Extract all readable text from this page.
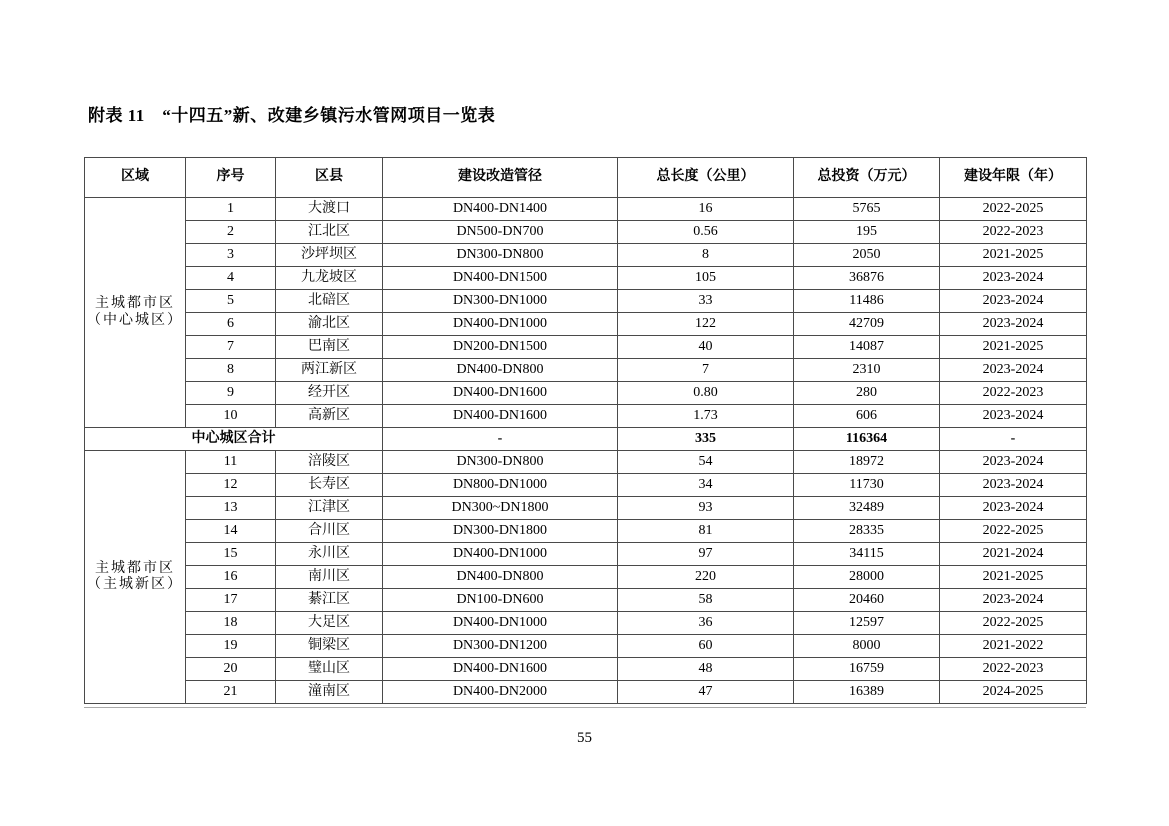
附表 11　“十四五”新、改建乡镇污水管网项目一览表
区域	序号	区县	建设改造管径	总长度（公里）	总投资（万元）	建设年限（年）

主城都市区
（中心城区）	1	大渡口	DN400-DN1400	16	5765	2022-2025
	2	江北区	DN500-DN700	0.56	195	2022-2023
	3	沙坪坝区	DN300-DN800	8	2050	2021-2025
	4	九龙坡区	DN400-DN1500	105	36876	2023-2024
	5	北碚区	DN300-DN1000	33	11486	2023-2024
	6	渝北区	DN400-DN1000	122	42709	2023-2024
	7	巴南区	DN200-DN1500	40	14087	2021-2025
	8	两江新区	DN400-DN800	7	2310	2023-2024
	9	经开区	DN400-DN1600	0.80	280	2022-2023
	10	高新区	DN400-DN1600	1.73	606	2023-2024
中心城区合计			-	335	116364	-

主城都市区
（主城新区）	11	涪陵区	DN300-DN800	54	18972	2023-2024
	12	长寿区	DN800-DN1000	34	11730	2023-2024
	13	江津区	DN300~DN1800	93	32489	2023-2024
	14	合川区	DN300-DN1800	81	28335	2022-2025
	15	永川区	DN400-DN1000	97	34115	2021-2024
	16	南川区	DN400-DN800	220	28000	2021-2025
	17	綦江区	DN100-DN600	58	20460	2023-2024
	18	大足区	DN400-DN1000	36	12597	2022-2025
	19	铜梁区	DN300-DN1200	60	8000	2021-2022
	20	璧山区	DN400-DN1600	48	16759	2022-2023
	21	潼南区	DN400-DN2000	47	16389	2024-2025
55
